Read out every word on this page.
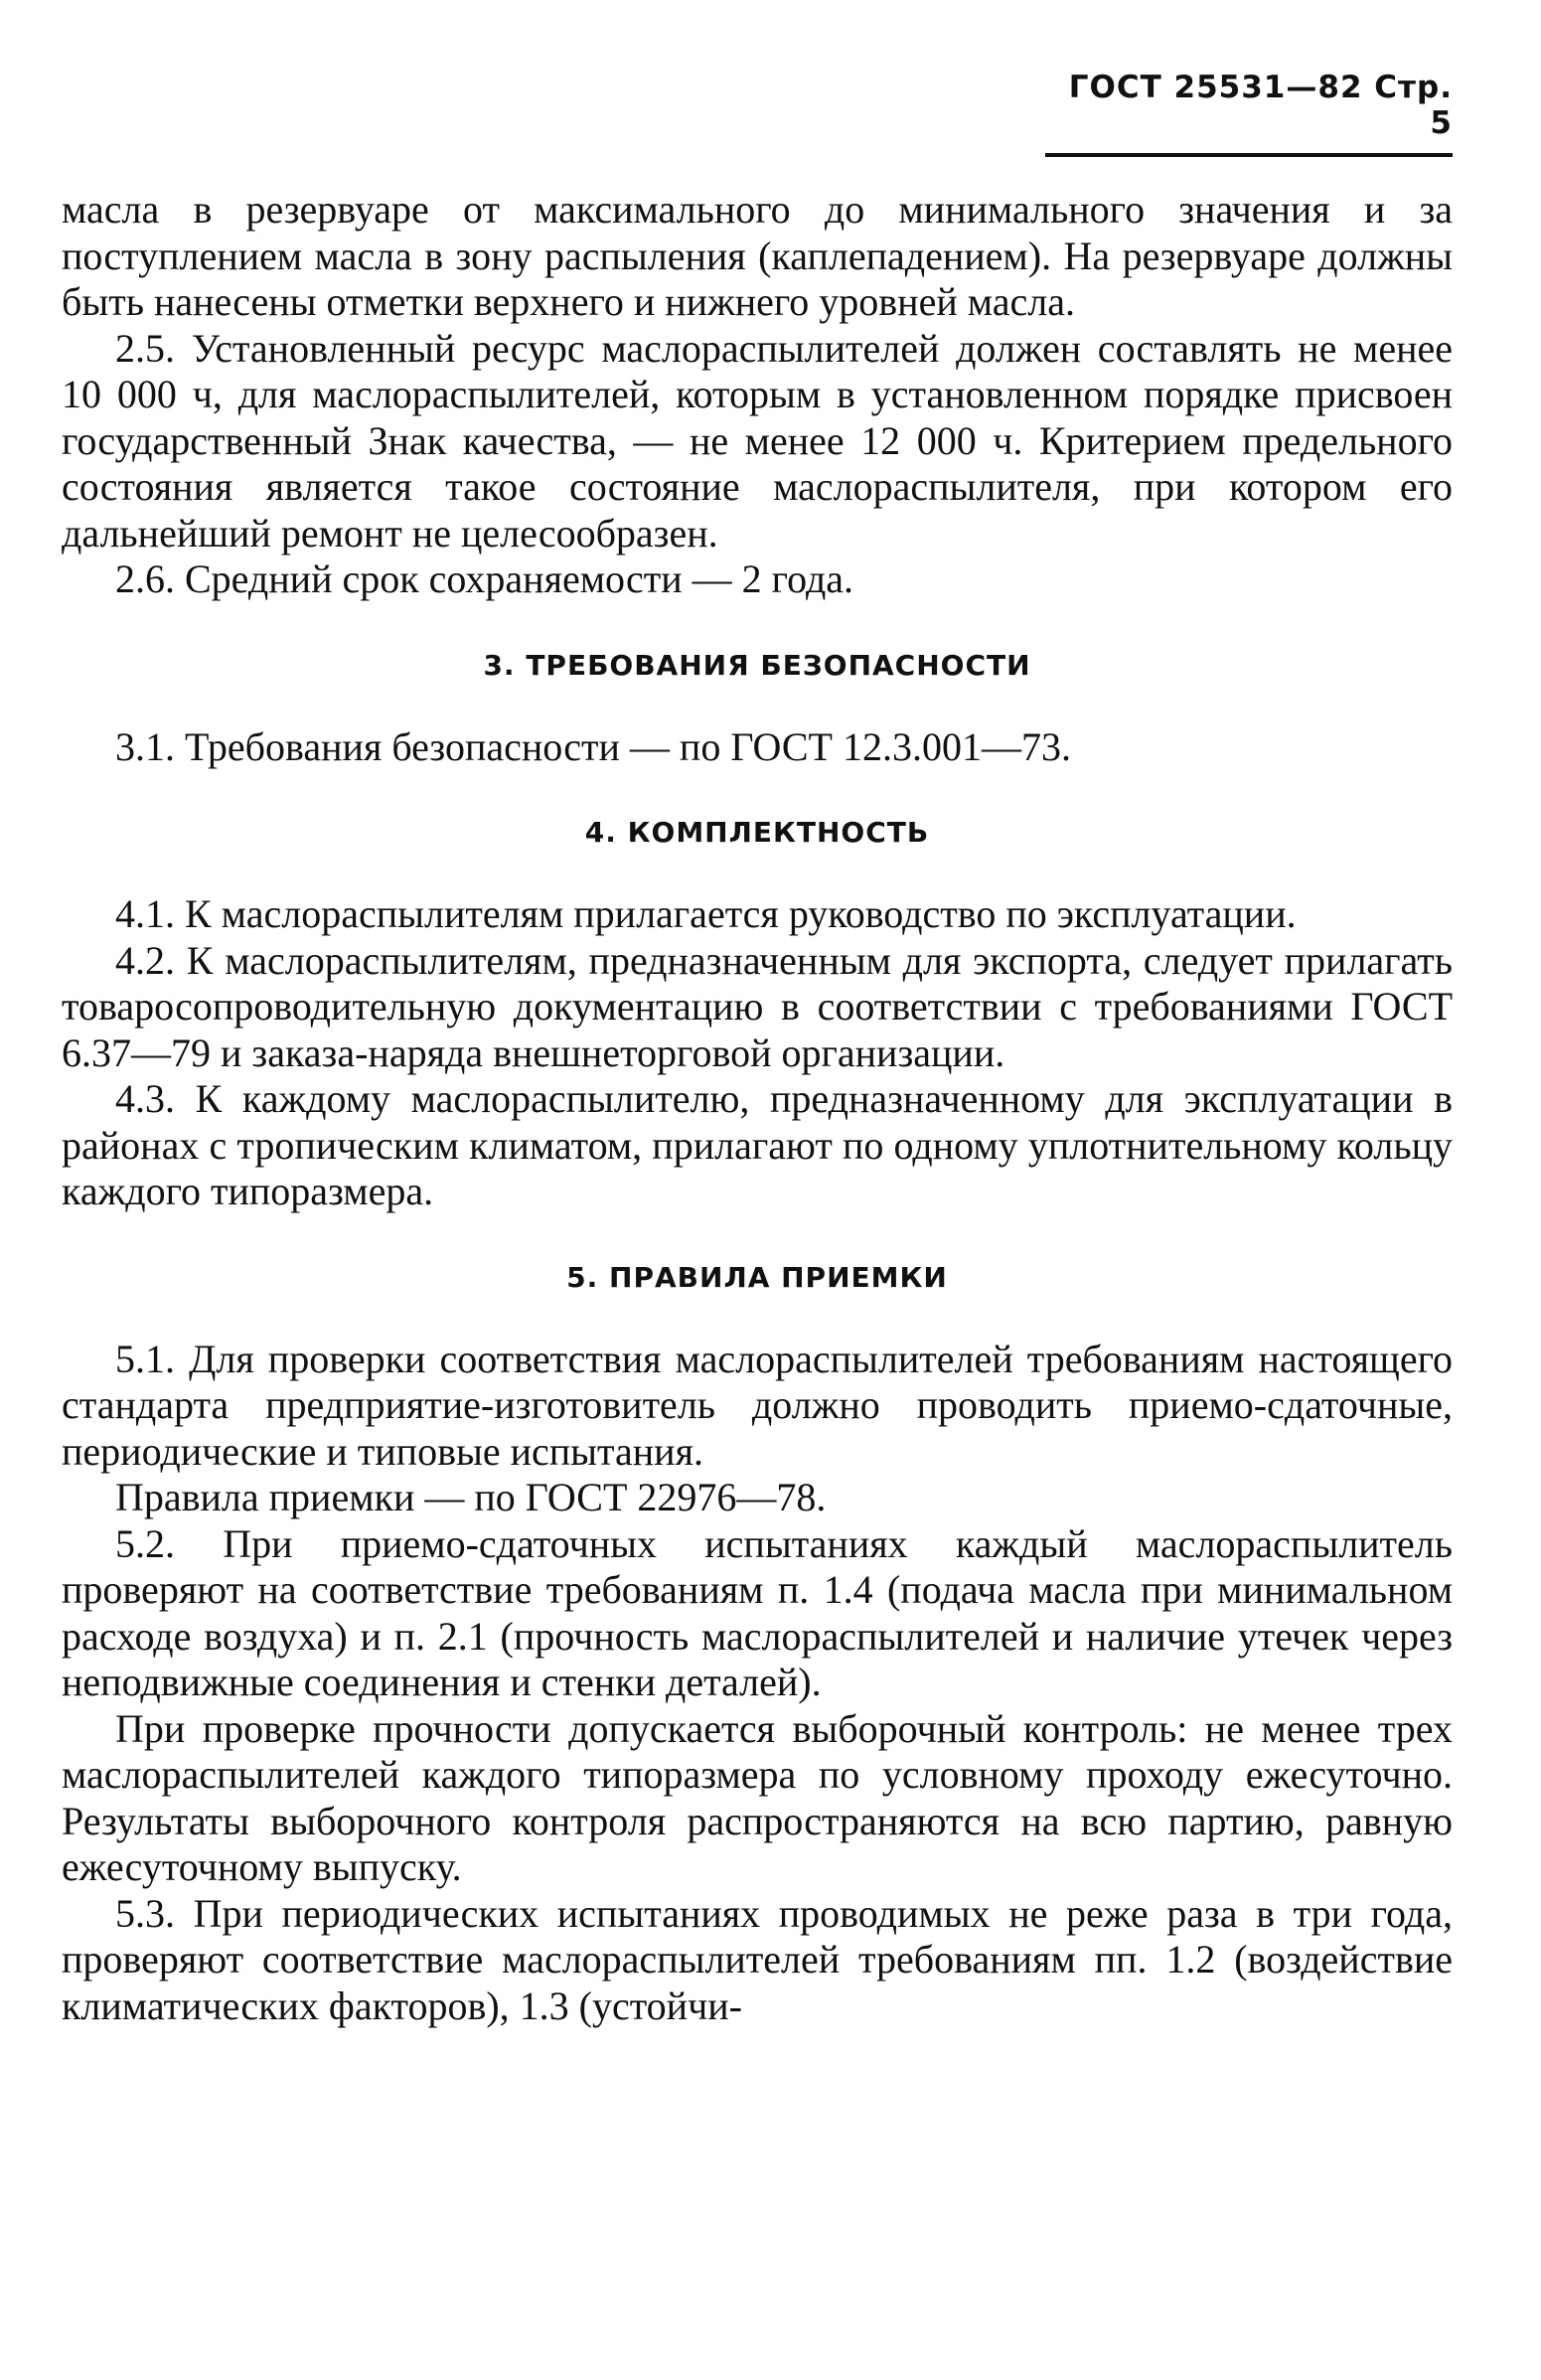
ГОСТ 25531—82 Стр. 5

масла в резервуаре от максимального до минимального значения и за поступлением масла в зону распыления (каплепадением). На резервуаре должны быть нанесены отметки верхнего и нижнего уровней масла.

2.5. Установленный ресурс маслораспылителей должен составлять не менее 10 000 ч, для маслораспылителей, которым в установленном порядке присвоен государственный Знак качества, — не менее 12 000 ч. Критерием предельного состояния является такое состояние маслораспылителя, при котором его дальнейший ремонт не целесообразен.

2.6. Средний срок сохраняемости — 2 года.

3. ТРЕБОВАНИЯ БЕЗОПАСНОСТИ

3.1. Требования безопасности — по ГОСТ 12.3.001—73.

4. КОМПЛЕКТНОСТЬ

4.1. К маслораспылителям прилагается руководство по эксплуатации.

4.2. К маслораспылителям, предназначенным для экспорта, следует прилагать товаросопроводительную документацию в соответствии с требованиями ГОСТ 6.37—79 и заказа-наряда внешнеторговой организации.

4.3. К каждому маслораспылителю, предназначенному для эксплуатации в районах с тропическим климатом, прилагают по одному уплотнительному кольцу каждого типоразмера.

5. ПРАВИЛА ПРИЕМКИ

5.1. Для проверки соответствия маслораспылителей требованиям настоящего стандарта предприятие-изготовитель должно проводить приемо-сдаточные, периодические и типовые испытания.

Правила приемки — по ГОСТ 22976—78.

5.2. При приемо-сдаточных испытаниях каждый маслораспылитель проверяют на соответствие требованиям п. 1.4 (подача масла при минимальном расходе воздуха) и п. 2.1 (прочность маслораспылителей и наличие утечек через неподвижные соединения и стенки деталей).

При проверке прочности допускается выборочный контроль: не менее трех маслораспылителей каждого типоразмера по условному проходу ежесуточно. Результаты выборочного контроля распространяются на всю партию, равную ежесуточному выпуску.

5.3. При периодических испытаниях проводимых не реже раза в три года, проверяют соответствие маслораспылителей требованиям пп. 1.2 (воздействие климатических факторов), 1.3 (устойчи-
